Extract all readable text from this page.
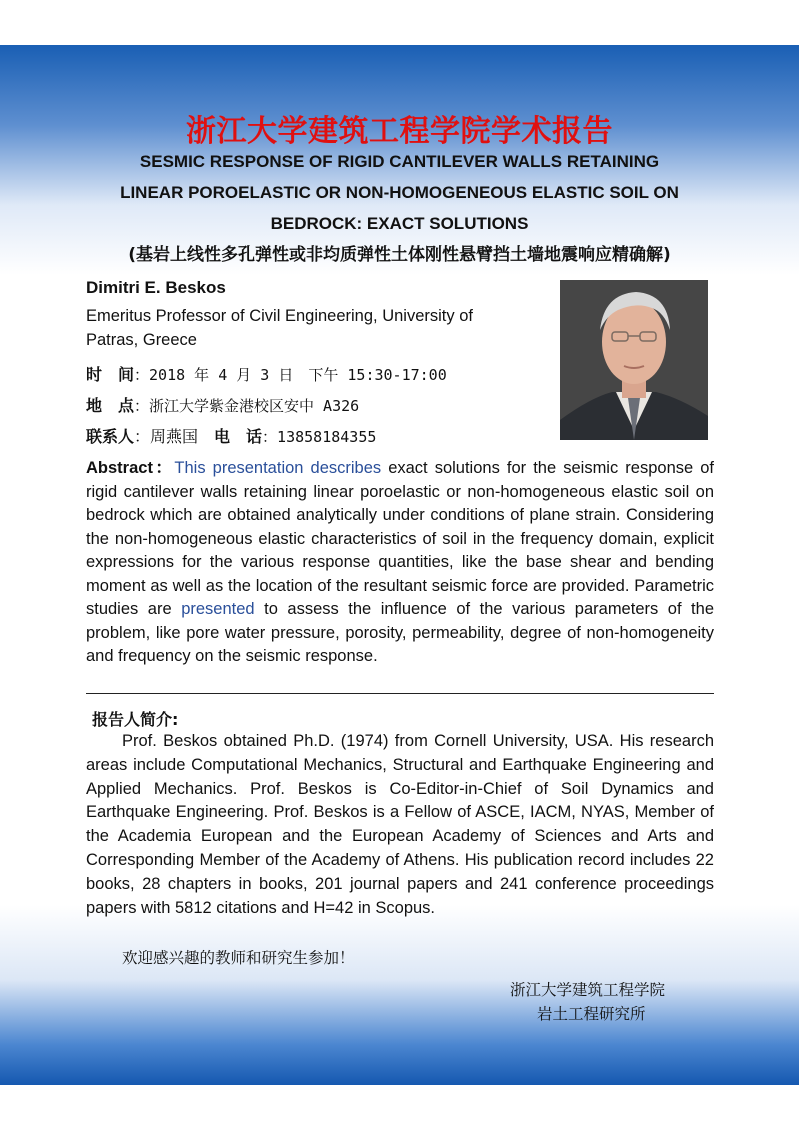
浙江大学建筑工程学院学术报告
SESMIC RESPONSE OF RIGID CANTILEVER WALLS RETAINING
LINEAR POROELASTIC OR NON-HOMOGENEOUS ELASTIC SOIL ON
BEDROCK: EXACT SOLUTIONS
(基岩上线性多孔弹性或非均质弹性土体刚性悬臂挡土墙地震响应精确解)
Dimitri E. Beskos
Emeritus Professor of Civil Engineering, University of Patras, Greece
时　间：2018 年 4 月 3 日　下午 15:30-17:00
地　点：浙江大学紫金港校区安中 A326
联系人：周燕国　电　话：13858184355
Abstract：This presentation describes exact solutions for the seismic response of rigid cantilever walls retaining linear poroelastic or non-homogeneous elastic soil on bedrock which are obtained analytically under conditions of plane strain. Considering the non-homogeneous elastic characteristics of soil in the frequency domain, explicit expressions for the various response quantities, like the base shear and bending moment as well as the location of the resultant seismic force are provided. Parametric studies are presented to assess the influence of the various parameters of the problem, like pore water pressure, porosity, permeability, degree of non-homogeneity and frequency on the seismic response.
报告人简介:
Prof. Beskos obtained Ph.D. (1974) from Cornell University, USA. His research areas include Computational Mechanics, Structural and Earthquake Engineering and Applied Mechanics. Prof. Beskos is Co-Editor-in-Chief of Soil Dynamics and Earthquake Engineering. Prof. Beskos is a Fellow of ASCE, IACM, NYAS, Member of the Academia European and the European Academy of Sciences and Arts and Corresponding Member of the Academy of Athens. His publication record includes 22 books, 28 chapters in books, 201 journal papers and 241 conference proceedings papers with 5812 citations and H=42 in Scopus.
欢迎感兴趣的教师和研究生参加！
浙江大学建筑工程学院
岩土工程研究所
